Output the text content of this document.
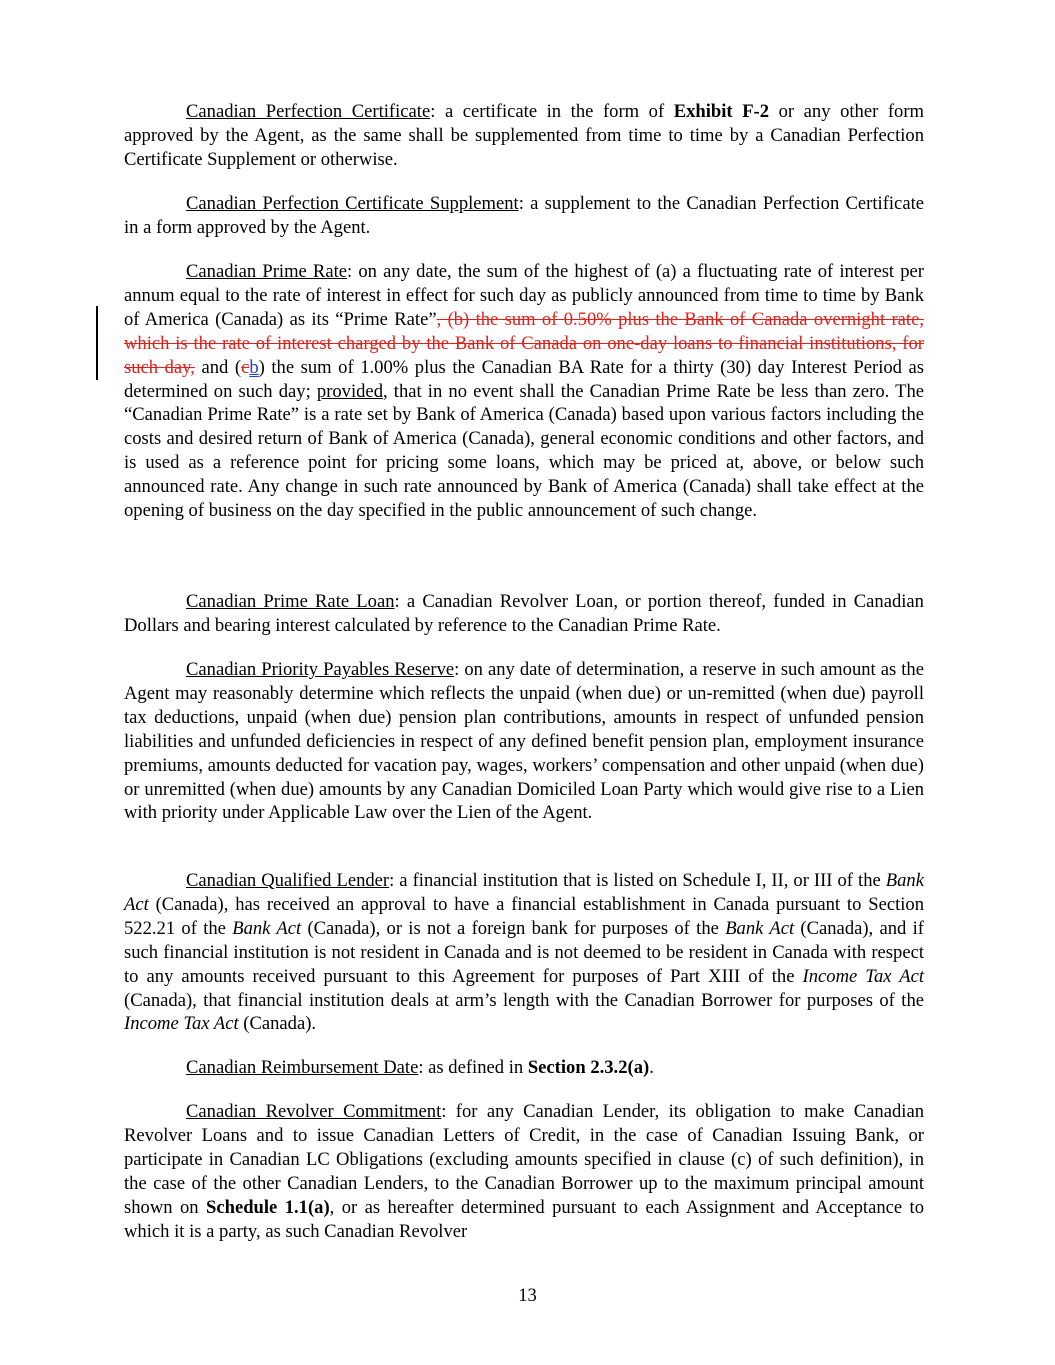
Canadian Perfection Certificate: a certificate in the form of Exhibit F-2 or any other form approved by the Agent, as the same shall be supplemented from time to time by a Canadian Perfection Certificate Supplement or otherwise.

Canadian Perfection Certificate Supplement: a supplement to the Canadian Perfection Certificate in a form approved by the Agent.

Canadian Prime Rate: on any date, the sum of the highest of (a) a fluctuating rate of interest per annum equal to the rate of interest in effect for such day as publicly announced from time to time by Bank of America (Canada) as its “Prime Rate”, (b) the sum of 0.50% plus the Bank of Canada overnight rate, which is the rate of interest charged by the Bank of Canada on one-day loans to financial institutions, for such day, and (cb) the sum of 1.00% plus the Canadian BA Rate for a thirty (30) day Interest Period as determined on such day; provided, that in no event shall the Canadian Prime Rate be less than zero. The “Canadian Prime Rate” is a rate set by Bank of America (Canada) based upon various factors including the costs and desired return of Bank of America (Canada), general economic conditions and other factors, and is used as a reference point for pricing some loans, which may be priced at, above, or below such announced rate. Any change in such rate announced by Bank of America (Canada) shall take effect at the opening of business on the day specified in the public announcement of such change.

Canadian Prime Rate Loan: a Canadian Revolver Loan, or portion thereof, funded in Canadian Dollars and bearing interest calculated by reference to the Canadian Prime Rate.

Canadian Priority Payables Reserve: on any date of determination, a reserve in such amount as the Agent may reasonably determine which reflects the unpaid (when due) or un-remitted (when due) payroll tax deductions, unpaid (when due) pension plan contributions, amounts in respect of unfunded pension liabilities and unfunded deficiencies in respect of any defined benefit pension plan, employment insurance premiums, amounts deducted for vacation pay, wages, workers’ compensation and other unpaid (when due) or unremitted (when due) amounts by any Canadian Domiciled Loan Party which would give rise to a Lien with priority under Applicable Law over the Lien of the Agent.

Canadian Qualified Lender: a financial institution that is listed on Schedule I, II, or III of the Bank Act (Canada), has received an approval to have a financial establishment in Canada pursuant to Section 522.21 of the Bank Act (Canada), or is not a foreign bank for purposes of the Bank Act (Canada), and if such financial institution is not resident in Canada and is not deemed to be resident in Canada with respect to any amounts received pursuant to this Agreement for purposes of Part XIII of the Income Tax Act (Canada), that financial institution deals at arm’s length with the Canadian Borrower for purposes of the Income Tax Act (Canada).

Canadian Reimbursement Date: as defined in Section 2.3.2(a).

Canadian Revolver Commitment: for any Canadian Lender, its obligation to make Canadian Revolver Loans and to issue Canadian Letters of Credit, in the case of Canadian Issuing Bank, or participate in Canadian LC Obligations (excluding amounts specified in clause (c) of such definition), in the case of the other Canadian Lenders, to the Canadian Borrower up to the maximum principal amount shown on Schedule 1.1(a), or as hereafter determined pursuant to each Assignment and Acceptance to which it is a party, as such Canadian Revolver

13
